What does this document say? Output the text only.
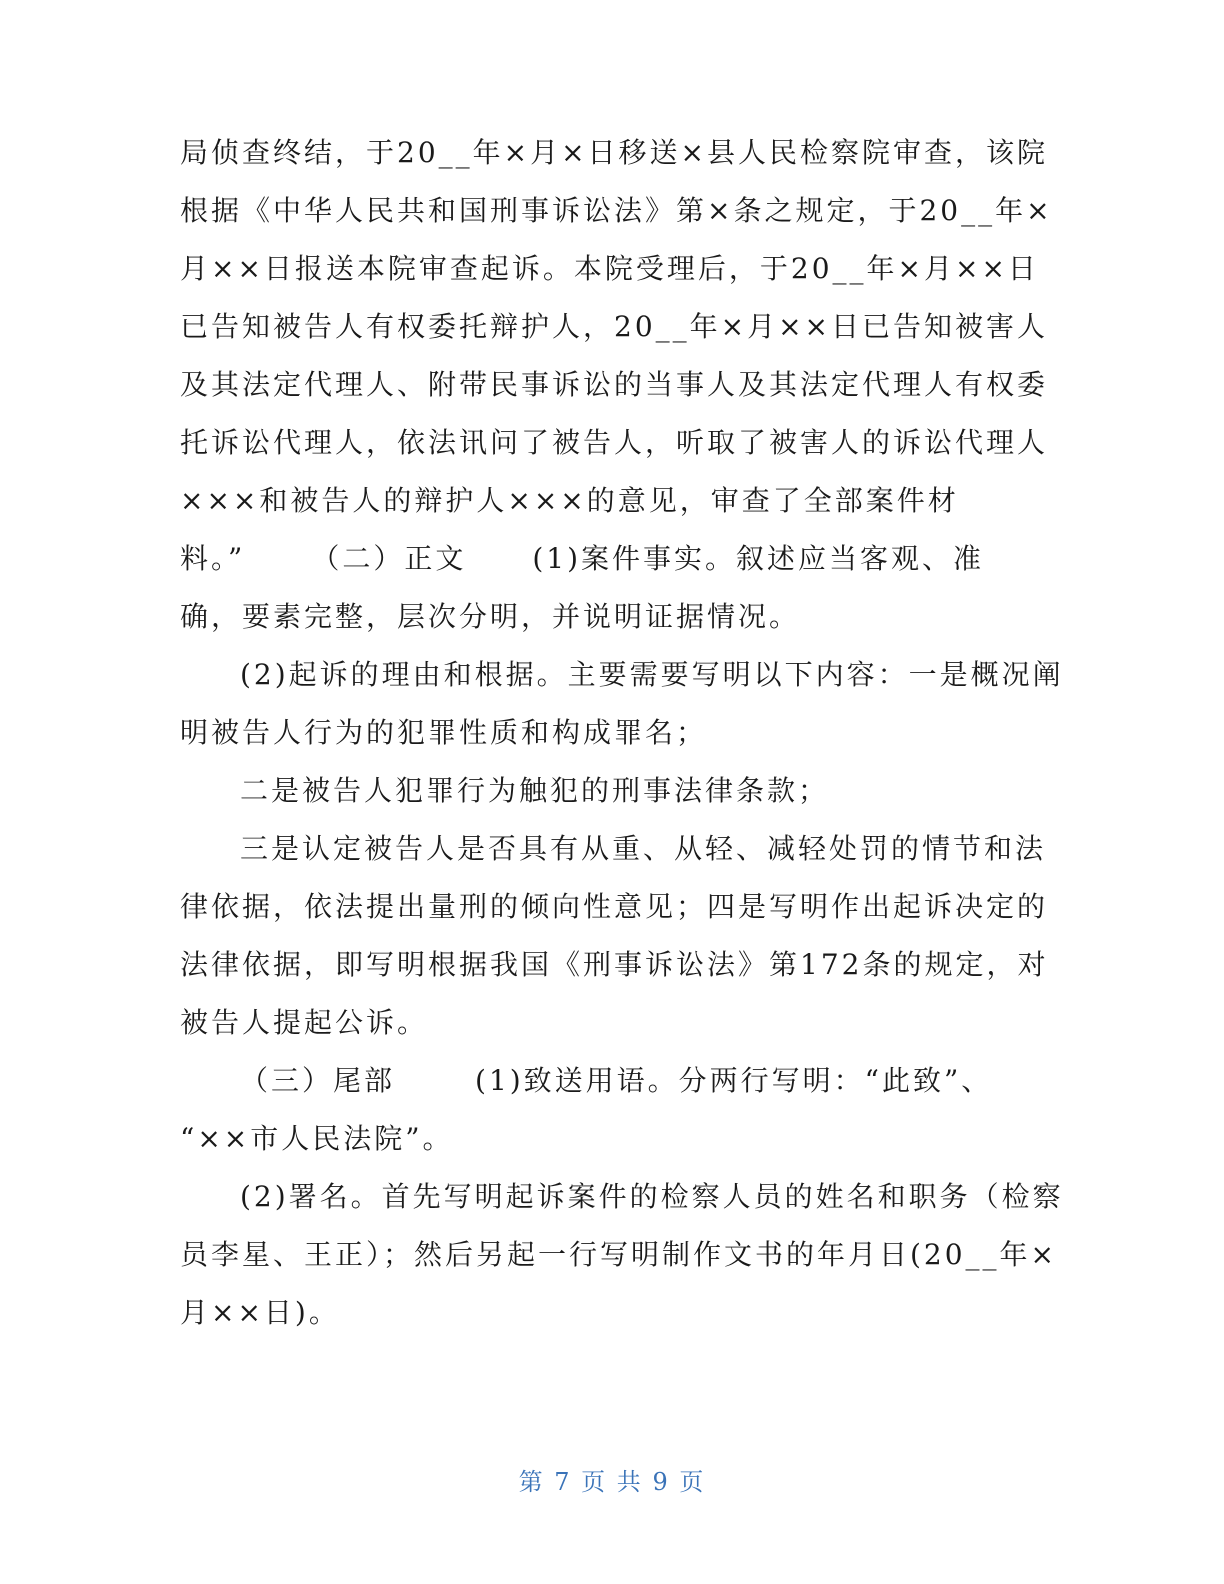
局侦查终结，于20__年×月×日移送×县人民检察院审查，该院
根据《中华人民共和国刑事诉讼法》第×条之规定，于20__年×
月××日报送本院审查起诉。本院受理后，于20__年×月××日
已告知被告人有权委托辩护人，20__年×月××日已告知被害人
及其法定代理人、附带民事诉讼的当事人及其法定代理人有权委
托诉讼代理人，依法讯问了被告人，听取了被害人的诉讼代理人
×××和被告人的辩护人×××的意见，审查了全部案件材
料。” （二）正文 (1)案件事实。叙述应当客观、准
确，要素完整，层次分明，并说明证据情况。
(2)起诉的理由和根据。主要需要写明以下内容：一是概况阐
明被告人行为的犯罪性质和构成罪名；
二是被告人犯罪行为触犯的刑事法律条款；
三是认定被告人是否具有从重、从轻、减轻处罚的情节和法
律依据，依法提出量刑的倾向性意见；四是写明作出起诉决定的
法律依据，即写明根据我国《刑事诉讼法》第172条的规定，对
被告人提起公诉。
（三）尾部	(1)致送用语。分两行写明：“此致”、
“××市人民法院”。
(2)署名。首先写明起诉案件的检察人员的姓名和职务（检察
员李星、王正）；然后另起一行写明制作文书的年月日(20__年×
月××日)。
第 7 页 共 9 页
